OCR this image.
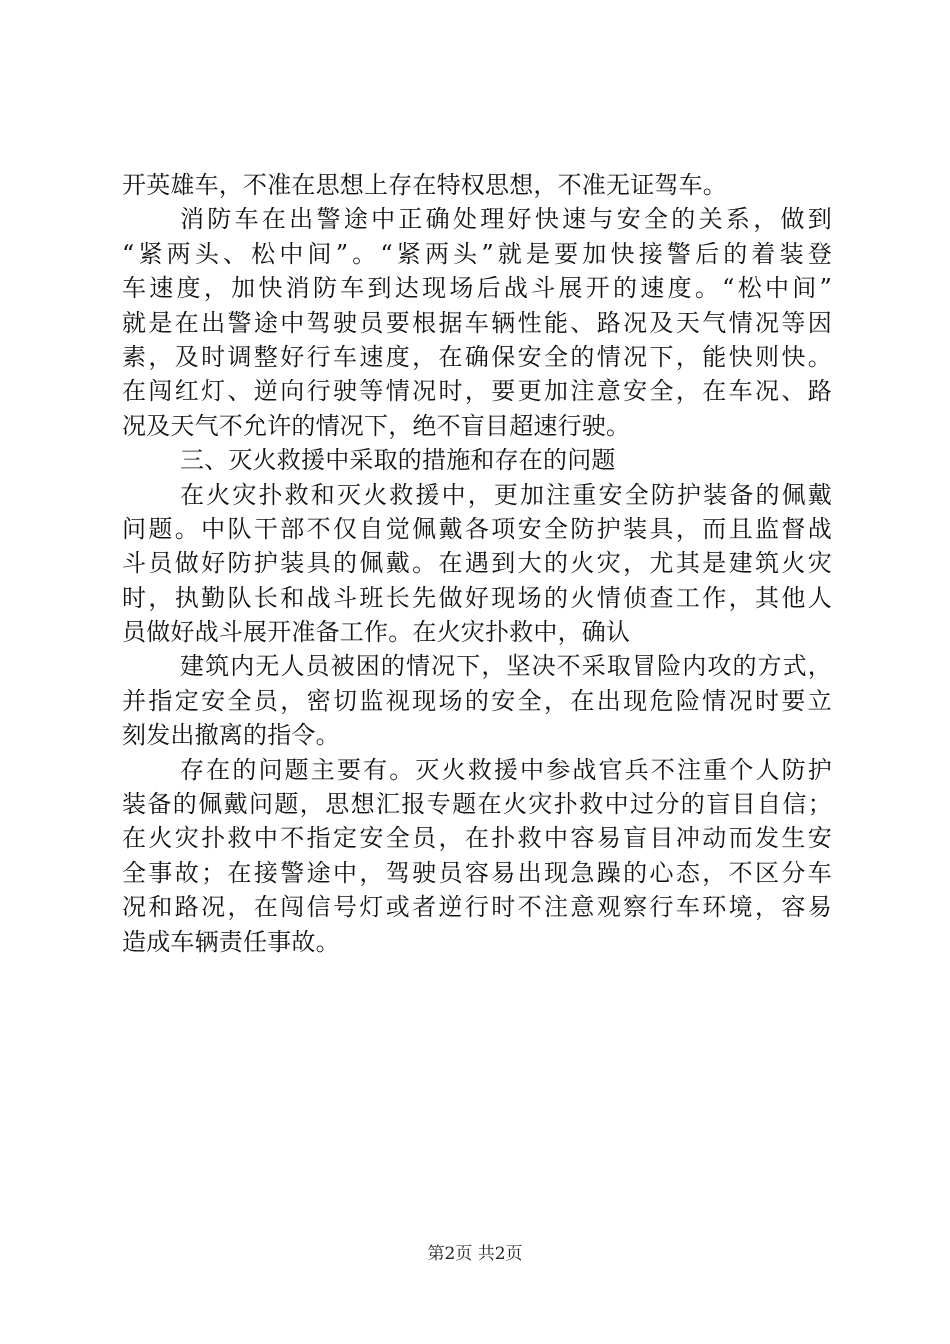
开英雄车，不准在思想上存在特权思想，不准无证驾车。
消防车在出警途中正确处理好快速与安全的关系，做到
“紧两头、松中间”。“紧两头”就是要加快接警后的着装登
车速度，加快消防车到达现场后战斗展开的速度。“松中间”
就是在出警途中驾驶员要根据车辆性能、路况及天气情况等因
素，及时调整好行车速度，在确保安全的情况下，能快则快。
在闯红灯、逆向行驶等情况时，要更加注意安全，在车况、路
况及天气不允许的情况下，绝不盲目超速行驶。
三、灭火救援中采取的措施和存在的问题
在火灾扑救和灭火救援中，更加注重安全防护装备的佩戴
问题。中队干部不仅自觉佩戴各项安全防护装具，而且监督战
斗员做好防护装具的佩戴。在遇到大的火灾，尤其是建筑火灾
时，执勤队长和战斗班长先做好现场的火情侦查工作，其他人
员做好战斗展开准备工作。在火灾扑救中，确认
建筑内无人员被困的情况下，坚决不采取冒险内攻的方式，
并指定安全员，密切监视现场的安全，在出现危险情况时要立
刻发出撤离的指令。
存在的问题主要有。灭火救援中参战官兵不注重个人防护
装备的佩戴问题，思想汇报专题在火灾扑救中过分的盲目自信；
在火灾扑救中不指定安全员，在扑救中容易盲目冲动而发生安
全事故；在接警途中，驾驶员容易出现急躁的心态，不区分车
况和路况，在闯信号灯或者逆行时不注意观察行车环境，容易
造成车辆责任事故。
第2页 共2页
